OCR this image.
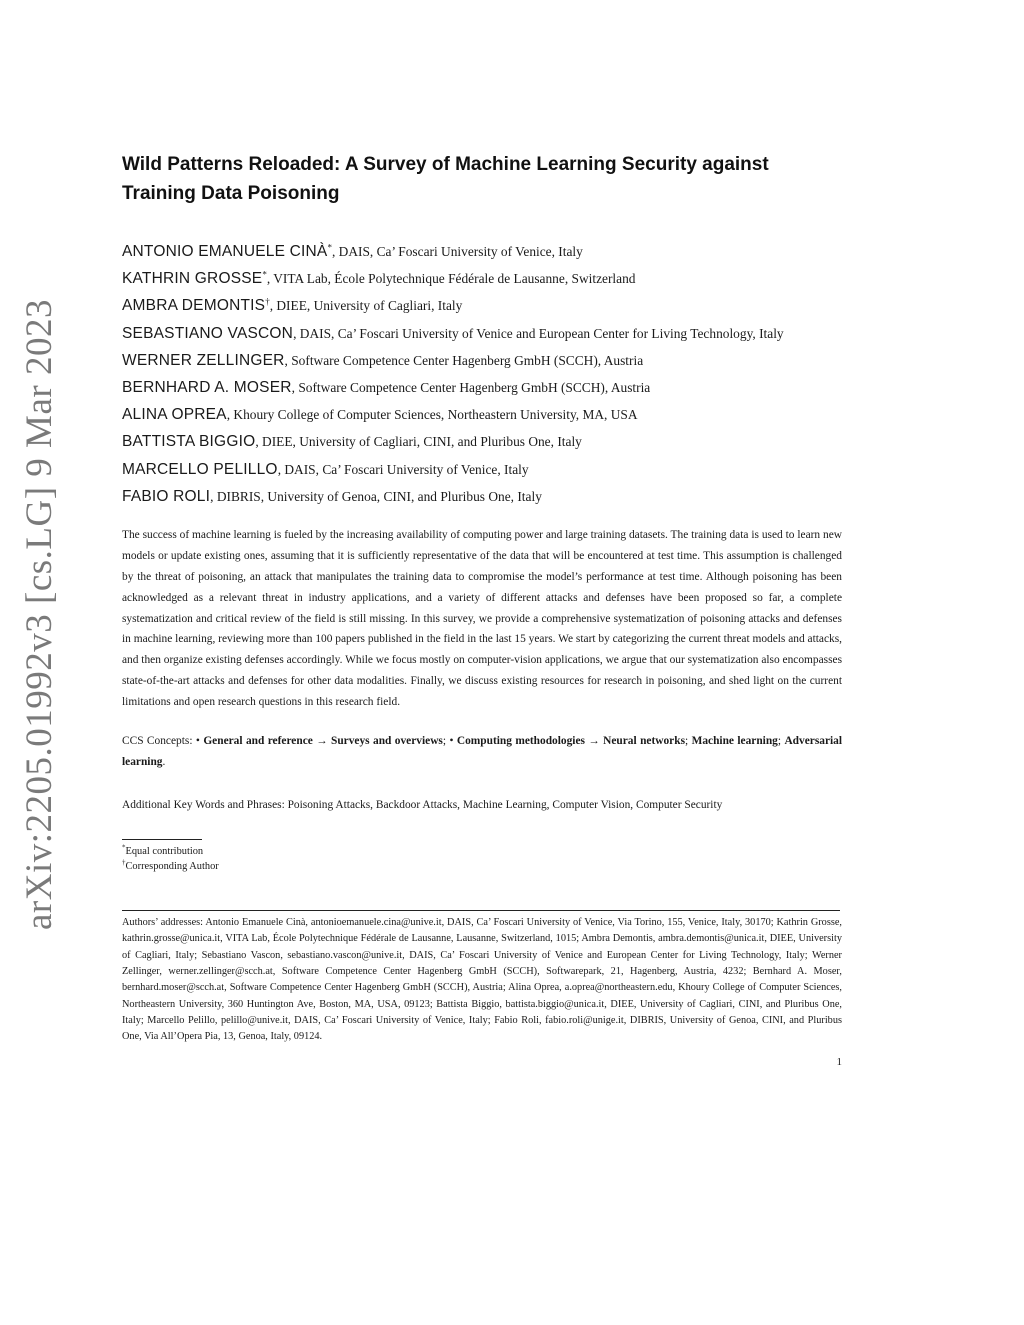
arXiv:2205.01992v3 [cs.LG] 9 Mar 2023
Wild Patterns Reloaded: A Survey of Machine Learning Security against
Training Data Poisoning
ANTONIO EMANUELE CINÀ*, DAIS, Ca’ Foscari University of Venice, Italy
KATHRIN GROSSE*, VITA Lab, École Polytechnique Fédérale de Lausanne, Switzerland
AMBRA DEMONTIS†, DIEE, University of Cagliari, Italy
SEBASTIANO VASCON, DAIS, Ca’ Foscari University of Venice and European Center for Living Technology, Italy
WERNER ZELLINGER, Software Competence Center Hagenberg GmbH (SCCH), Austria
BERNHARD A. MOSER, Software Competence Center Hagenberg GmbH (SCCH), Austria
ALINA OPREA, Khoury College of Computer Sciences, Northeastern University, MA, USA
BATTISTA BIGGIO, DIEE, University of Cagliari, CINI, and Pluribus One, Italy
MARCELLO PELILLO, DAIS, Ca’ Foscari University of Venice, Italy
FABIO ROLI, DIBRIS, University of Genoa, CINI, and Pluribus One, Italy

The success of machine learning is fueled by the increasing availability of computing power and large training datasets. The training data is used to learn new models or update existing ones, assuming that it is sufficiently representative of the data that will be encountered at test time. This assumption is challenged by the threat of poisoning, an attack that manipulates the training data to compromise the model’s performance at test time. Although poisoning has been acknowledged as a relevant threat in industry applications, and a variety of different attacks and defenses have been proposed so far, a complete systematization and critical review of the field is still missing. In this survey, we provide a comprehensive systematization of poisoning attacks and defenses in machine learning, reviewing more than 100 papers published in the field in the last 15 years. We start by categorizing the current threat models and attacks, and then organize existing defenses accordingly. While we focus mostly on computer-vision applications, we argue that our systematization also encompasses state-of-the-art attacks and defenses for other data modalities. Finally, we discuss existing resources for research in poisoning, and shed light on the current limitations and open research questions in this research field.

CCS Concepts: • General and reference → Surveys and overviews; • Computing methodologies → Neural networks; Machine learning; Adversarial learning.

Additional Key Words and Phrases: Poisoning Attacks, Backdoor Attacks, Machine Learning, Computer Vision, Computer Security

*Equal contribution
†Corresponding Author

Authors’ addresses: Antonio Emanuele Cinà, antonioemanuele.cina@unive.it, DAIS, Ca’ Foscari University of Venice, Via Torino, 155, Venice, Italy, 30170; Kathrin Grosse, kathrin.grosse@unica.it, VITA Lab, École Polytechnique Fédérale de Lausanne, Lausanne, Switzerland, 1015; Ambra Demontis, ambra.demontis@unica.it, DIEE, University of Cagliari, Italy; Sebastiano Vascon, sebastiano.vascon@unive.it, DAIS, Ca’ Foscari University of Venice and European Center for Living Technology, Italy; Werner Zellinger, werner.zellinger@scch.at, Software Competence Center Hagenberg GmbH (SCCH), Softwarepark, 21, Hagenberg, Austria, 4232; Bernhard A. Moser, bernhard.moser@scch.at, Software Competence Center Hagenberg GmbH (SCCH), Austria; Alina Oprea, a.oprea@northeastern.edu, Khoury College of Computer Sciences, Northeastern University, 360 Huntington Ave, Boston, MA, USA, 09123; Battista Biggio, battista.biggio@unica.it, DIEE, University of Cagliari, CINI, and Pluribus One, Italy; Marcello Pelillo, pelillo@unive.it, DAIS, Ca’ Foscari University of Venice, Italy; Fabio Roli, fabio.roli@unige.it, DIBRIS, University of Genoa, CINI, and Pluribus One, Via All’Opera Pia, 13, Genoa, Italy, 09124.

1
